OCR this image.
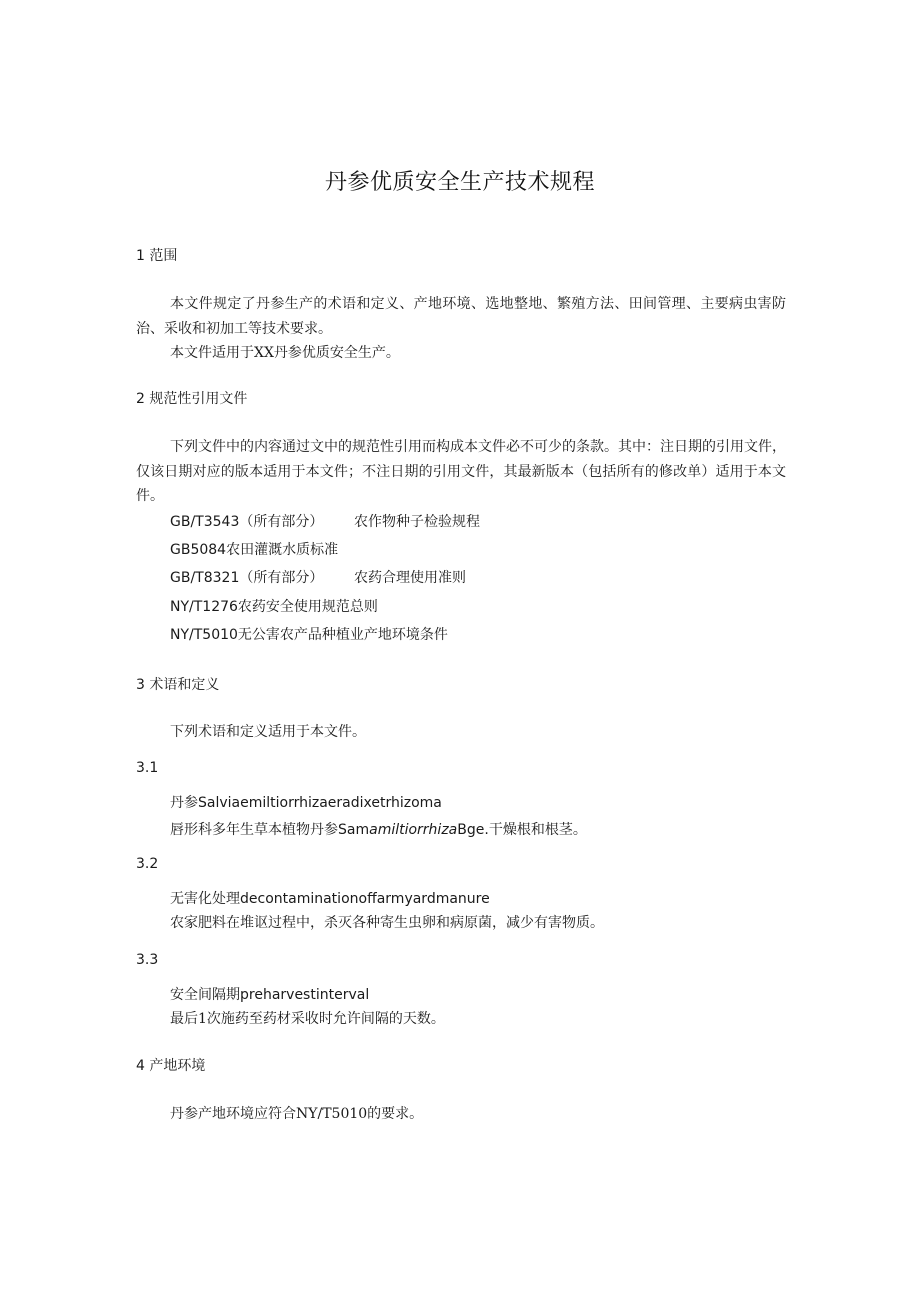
丹参优质安全生产技术规程
1 范围
本文件规定了丹参生产的术语和定义、产地环境、选地整地、繁殖方法、田间管理、主要病虫害防治、采收和初加工等技术要求。
本文件适用于XX丹参优质安全生产。
2 规范性引用文件
下列文件中的内容通过文中的规范性引用而构成本文件必不可少的条款。其中：注日期的引用文件，仅该日期对应的版本适用于本文件；不注日期的引用文件，其最新版本（包括所有的修改单）适用于本文件。
GB/T3543（所有部分） 农作物种子检验规程
GB5084农田灌溉水质标准
GB/T8321（所有部分） 农药合理使用准则
NY/T1276农药安全使用规范总则
NY/T5010无公害农产品种植业产地环境条件
3 术语和定义
下列术语和定义适用于本文件。
3.1
丹参Salviaemiltiorrhizaeradixetrhizoma
唇形科多年生草本植物丹参SamamiltiorrhizaBge.干燥根和根茎。
3.2
无害化处理decontaminationoffarmyardmanure
农家肥料在堆讴过程中，杀灭各种寄生虫卵和病原菌，减少有害物质。
3.3
安全间隔期preharvestinterval
最后1次施药至药材采收时允许间隔的天数。
4 产地环境
丹参产地环境应符合NY/T5010的要求。
